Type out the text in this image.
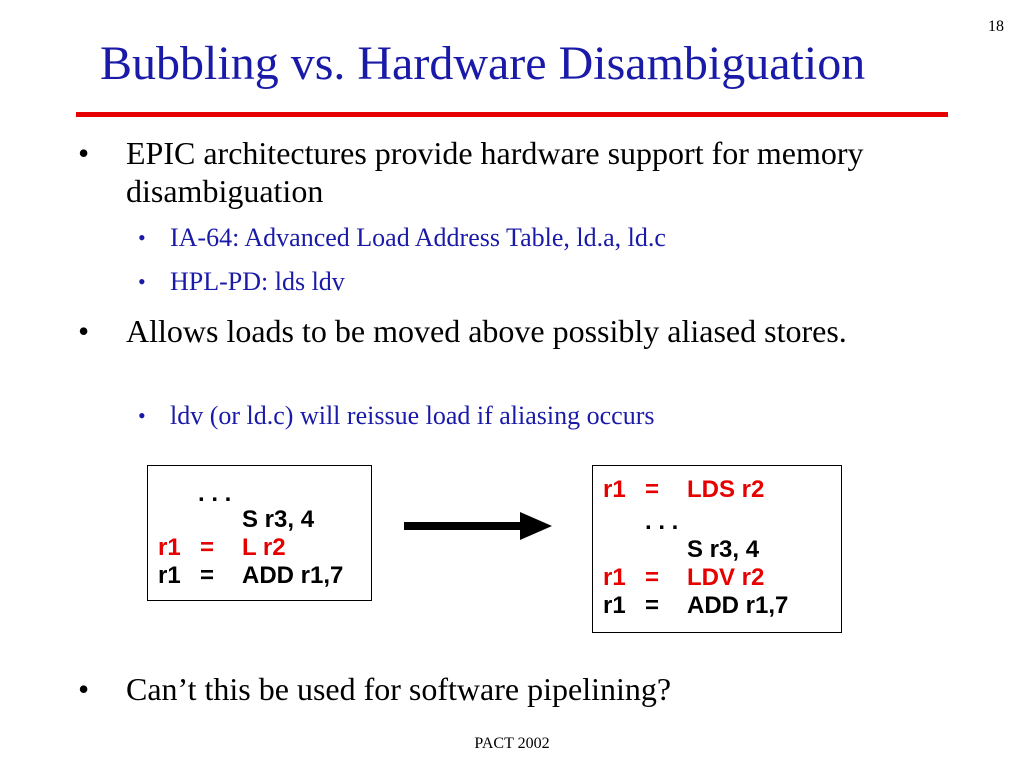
18
Bubbling vs. Hardware Disambiguation
• EPIC architectures provide hardware support for memory disambiguation
• IA-64: Advanced Load Address Table, ld.a, ld.c
• HPL-PD: lds ldv
• Allows loads to be moved above possibly aliased stores.
• ldv (or ld.c) will reissue load if aliasing occurs
. . .
S r3, 4
r1 = L r2
r1 = ADD r1,7
r1 = LDS r2
. . .
S r3, 4
r1 = LDV r2
r1 = ADD r1,7
• Can’t this be used for software pipelining?
PACT 2002
